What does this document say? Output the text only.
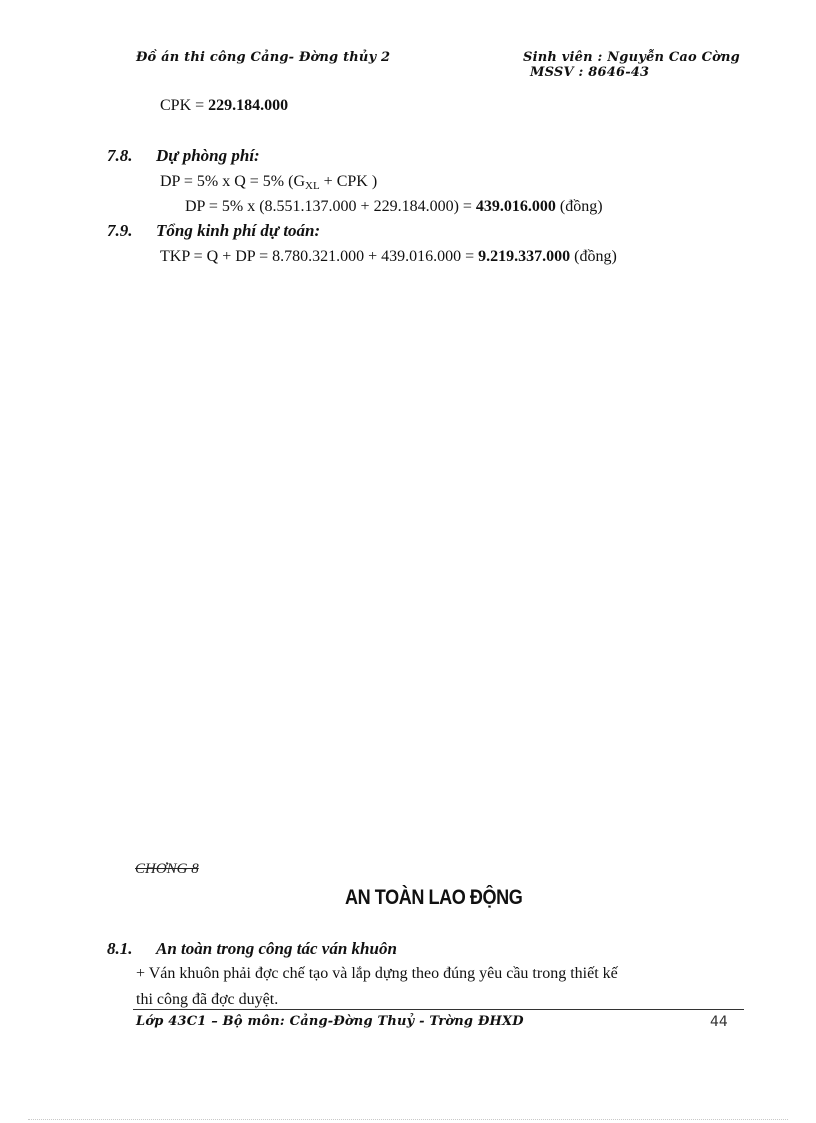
Đồ án thi công Cảng- Đờng thủy 2	Sinh viên : Nguyễn Cao Cờng
MSSV : 8646-43
CPK = 229.184.000
7.8. Dự phòng phí:
DP = 5% x Q = 5% ($G_{XL}$ + CPK )
DP = 5% x (8.551.137.000 + 229.184.000) = 439.016.000 (đồng)
7.9. Tổng kinh phí dự toán:
TKP = Q + DP = 8.780.321.000 + 439.016.000 = 9.219.337.000 (đồng)
CHƠNG 8
AN TOÀN LAO ĐỘNG
8.1. An toàn trong công tác ván khuôn
+ Ván khuôn phải đợc chế tạo và lắp dựng theo đúng yêu cầu trong thiết kế
thi công đã đợc duyệt.
Lớp 43C1 – Bộ môn: Cảng-Đờng Thuỷ - Trờng ĐHXD	44
